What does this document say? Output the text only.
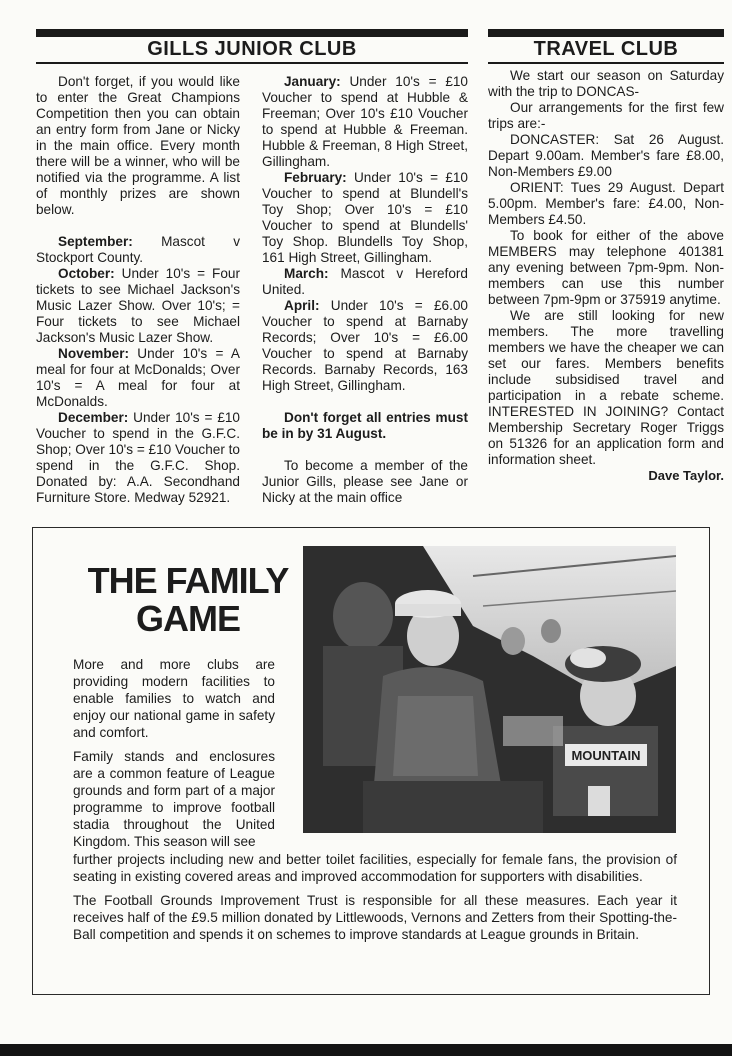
GILLS JUNIOR CLUB	TRAVEL CLUB

Don't forget, if you would like to enter the Great Champions Competition then you can obtain an entry form from Jane or Nicky in the main office. Every month there will be a winner, who will be notified via the programme. A list of monthly prizes are shown below.

September: Mascot v Stockport County.

October: Under 10's = Four tickets to see Michael Jackson's Music Lazer Show. Over 10's; = Four tickets to see Michael Jackson's Music Lazer Show.

November: Under 10's = A meal for four at McDonalds; Over 10's = A meal for four at McDonalds.

December: Under 10's = £10 Voucher to spend in the G.F.C. Shop; Over 10's = £10 Voucher to spend in the G.F.C. Shop. Donated by: A.A. Secondhand Furniture Store. Medway 52921.

January: Under 10's = £10 Voucher to spend at Hubble & Freeman; Over 10's £10 Voucher to spend at Hubble & Freeman. Hubble & Freeman, 8 High Street, Gillingham.

February: Under 10's = £10 Voucher to spend at Blundell's Toy Shop; Over 10's = £10 Voucher to spend at Blundells' Toy Shop. Blundells Toy Shop, 161 High Street, Gillingham.

March: Mascot v Hereford United.

April: Under 10's = £6.00 Voucher to spend at Barnaby Records; Over 10's = £6.00 Voucher to spend at Barnaby Records. Barnaby Records, 163 High Street, Gillingham.

Don't forget all entries must be in by 31 August.

To become a member of the Junior Gills, please see Jane or Nicky at the main office

We start our season on Saturday with the trip to DONCAS-

Our arrangements for the first few trips are:-

DONCASTER: Sat 26 August. Depart 9.00am. Member's fare £8.00, Non-Members £9.00

ORIENT: Tues 29 August. Depart 5.00pm. Member's fare: £4.00, Non-Members £4.50.

To book for either of the above MEMBERS may telephone 401381 any evening between 7pm-9pm. Non-members can use this number between 7pm-9pm or 375919 anytime.

We are still looking for new members. The more travelling members we have the cheaper we can set our fares. Members benefits include subsidised travel and participation in a rebate scheme. INTERESTED IN JOINING? Contact Membership Secretary Roger Triggs on 51326 for an application form and information sheet.

Dave Taylor.

THE FAMILY
GAME

More and more clubs are providing modern facilities to enable families to watch and enjoy our national game in safety and comfort.

Family stands and enclosures are a common feature of League grounds and form part of a major programme to improve football stadia throughout the United Kingdom. This season will see

MOUNTAIN

further projects including new and better toilet facilities, especially for female fans, the provision of seating in existing covered areas and improved accommodation for supporters with disabilities.

The Football Grounds Improvement Trust is responsible for all these measures. Each year it receives half of the £9.5 million donated by Littlewoods, Vernons and Zetters from their Spotting-the-Ball competition and spends it on schemes to improve standards at League grounds in Britain.
